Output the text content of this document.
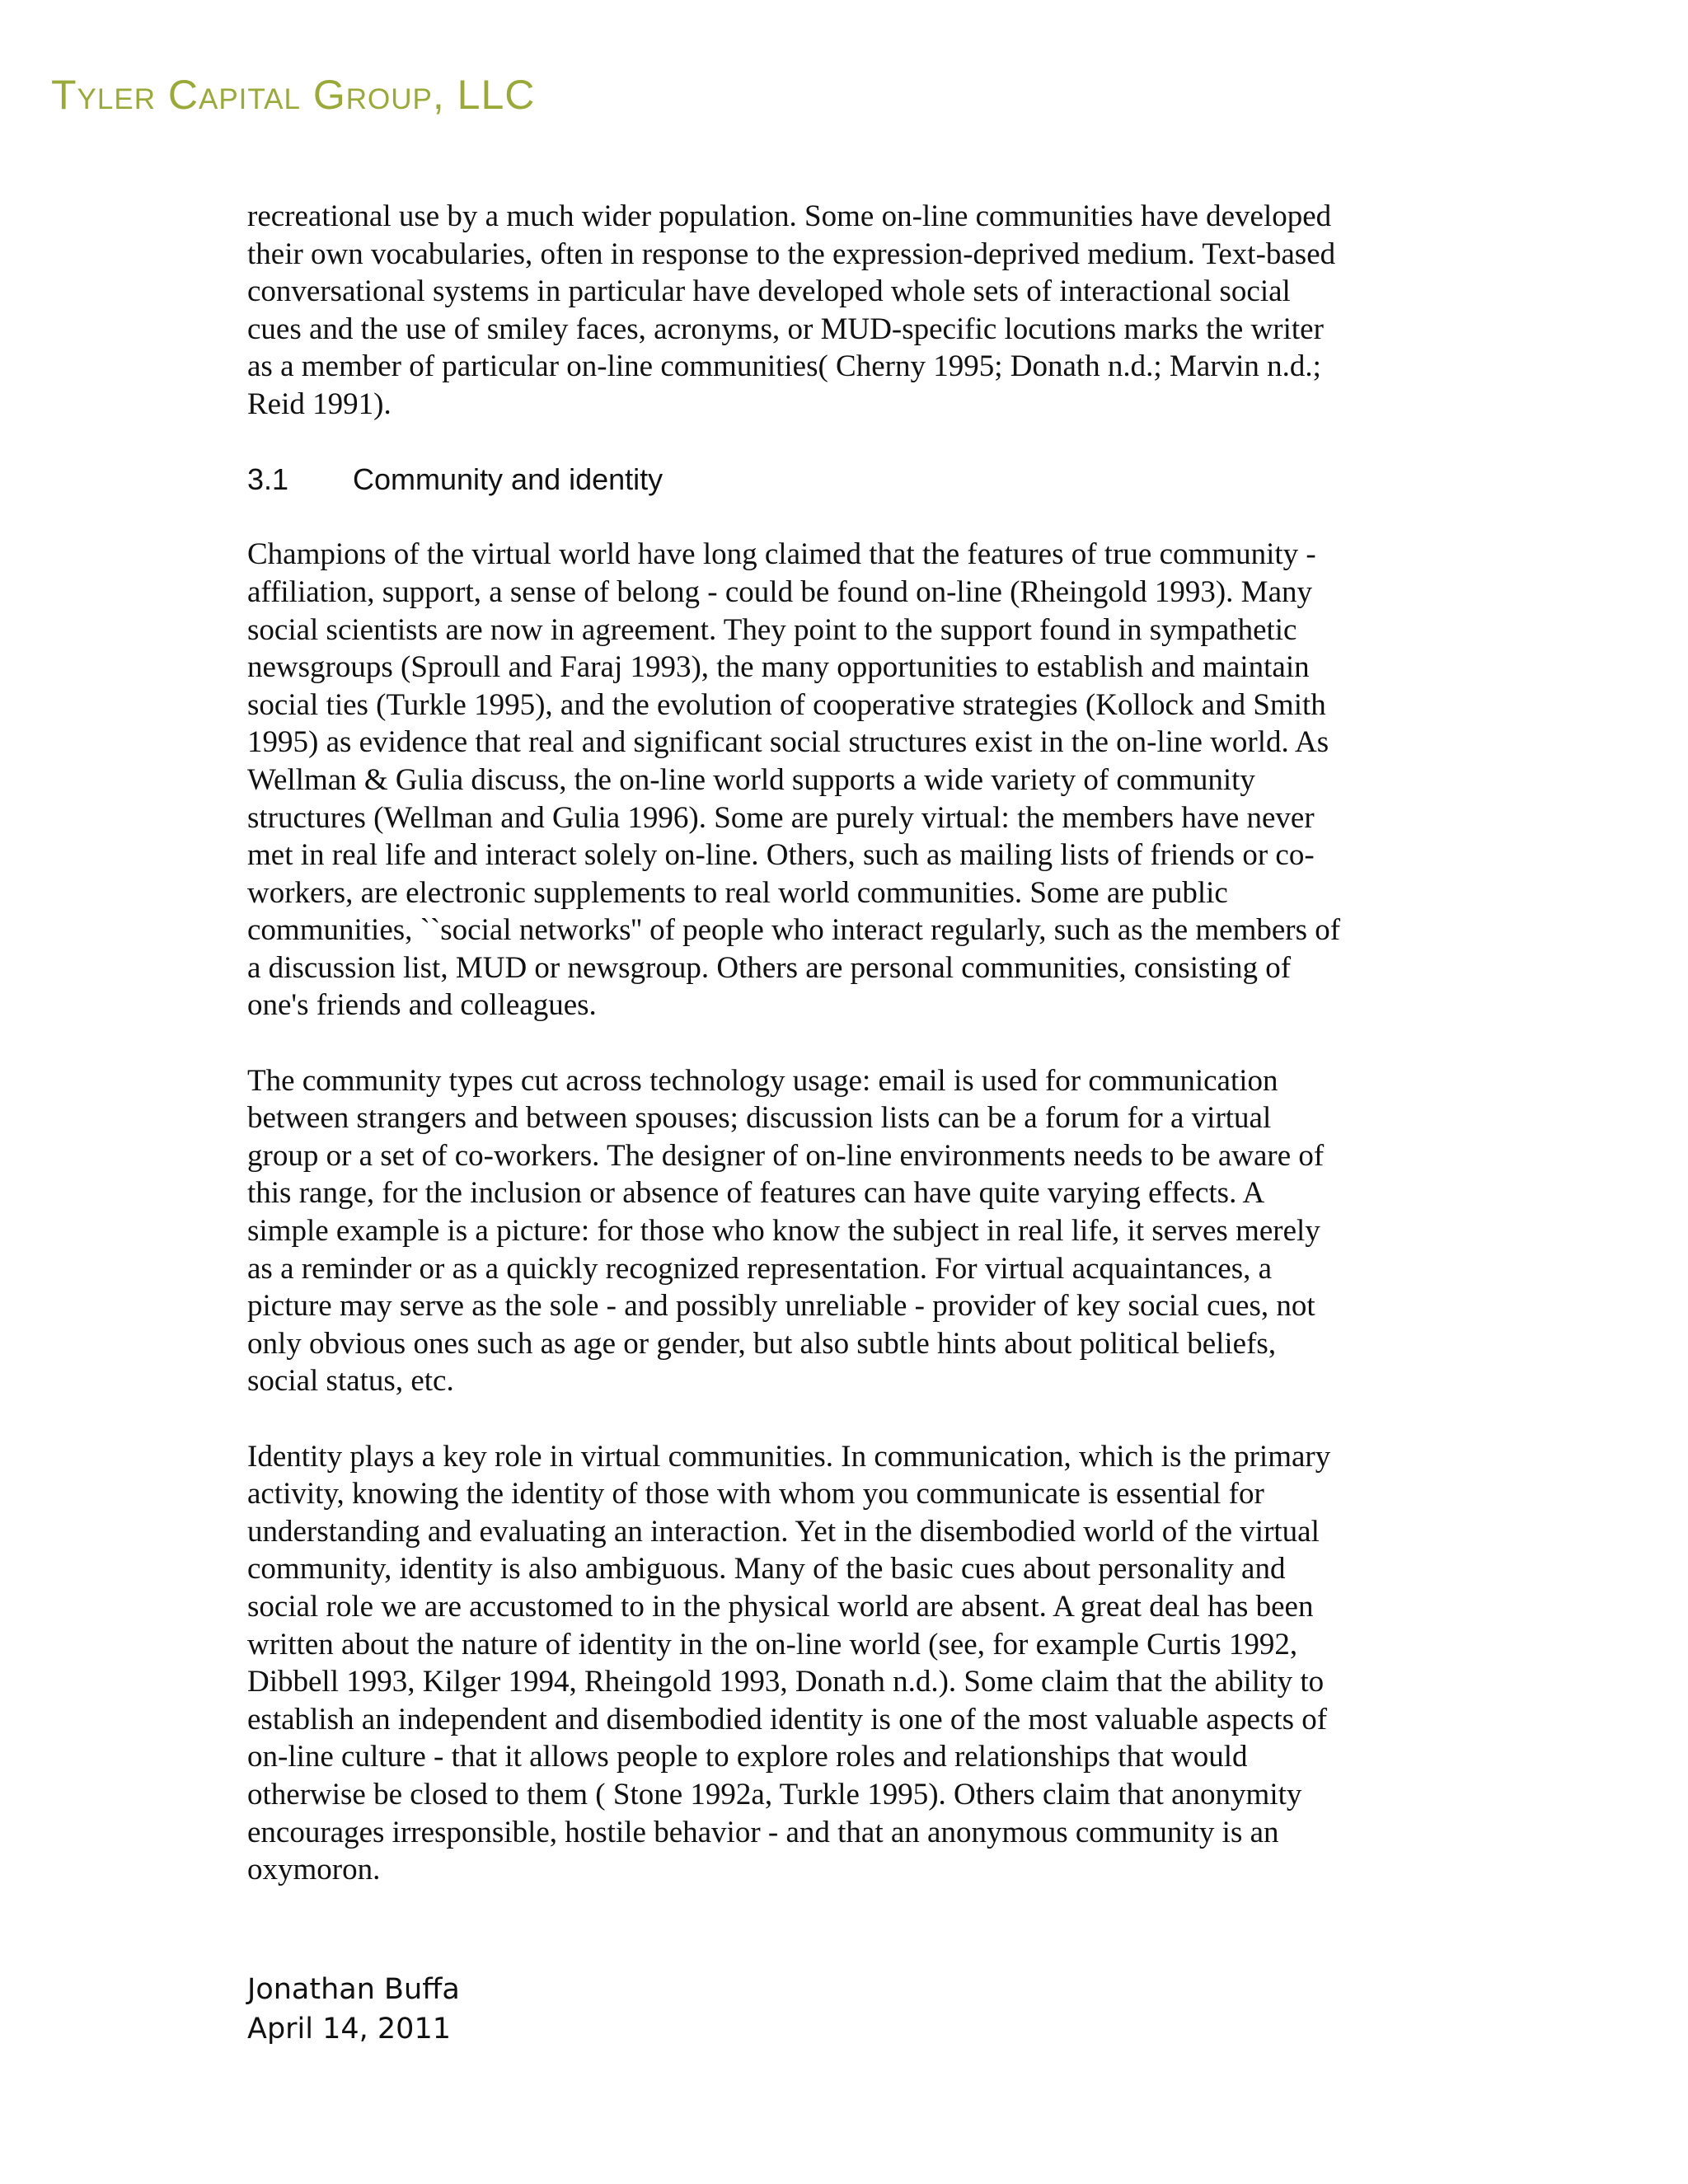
Tyler Capital Group, LLC
recreational use by a much wider population. Some on-line communities have developed
their own vocabularies, often in response to the expression-deprived medium. Text-based
conversational systems in particular have developed whole sets of interactional social
cues and the use of smiley faces, acronyms, or MUD-specific locutions marks the writer
as a member of particular on-line communities( Cherny 1995; Donath n.d.; Marvin n.d.;
Reid 1991).
3.1 Community and identity
Champions of the virtual world have long claimed that the features of true community -
affiliation, support, a sense of belong - could be found on-line (Rheingold 1993). Many
social scientists are now in agreement. They point to the support found in sympathetic
newsgroups (Sproull and Faraj 1993), the many opportunities to establish and maintain
social ties (Turkle 1995), and the evolution of cooperative strategies (Kollock and Smith
1995) as evidence that real and significant social structures exist in the on-line world. As
Wellman & Gulia discuss, the on-line world supports a wide variety of community
structures (Wellman and Gulia 1996). Some are purely virtual: the members have never
met in real life and interact solely on-line. Others, such as mailing lists of friends or co-
workers, are electronic supplements to real world communities. Some are public
communities, ``social networks'' of people who interact regularly, such as the members of
a discussion list, MUD or newsgroup. Others are personal communities, consisting of
one's friends and colleagues.
The community types cut across technology usage: email is used for communication
between strangers and between spouses; discussion lists can be a forum for a virtual
group or a set of co-workers. The designer of on-line environments needs to be aware of
this range, for the inclusion or absence of features can have quite varying effects. A
simple example is a picture: for those who know the subject in real life, it serves merely
as a reminder or as a quickly recognized representation. For virtual acquaintances, a
picture may serve as the sole - and possibly unreliable - provider of key social cues, not
only obvious ones such as age or gender, but also subtle hints about political beliefs,
social status, etc.
Identity plays a key role in virtual communities. In communication, which is the primary
activity, knowing the identity of those with whom you communicate is essential for
understanding and evaluating an interaction. Yet in the disembodied world of the virtual
community, identity is also ambiguous. Many of the basic cues about personality and
social role we are accustomed to in the physical world are absent. A great deal has been
written about the nature of identity in the on-line world (see, for example Curtis 1992,
Dibbell 1993, Kilger 1994, Rheingold 1993, Donath n.d.). Some claim that the ability to
establish an independent and disembodied identity is one of the most valuable aspects of
on-line culture - that it allows people to explore roles and relationships that would
otherwise be closed to them ( Stone 1992a, Turkle 1995). Others claim that anonymity
encourages irresponsible, hostile behavior - and that an anonymous community is an
oxymoron.
Jonathan Buffa
April 14, 2011
